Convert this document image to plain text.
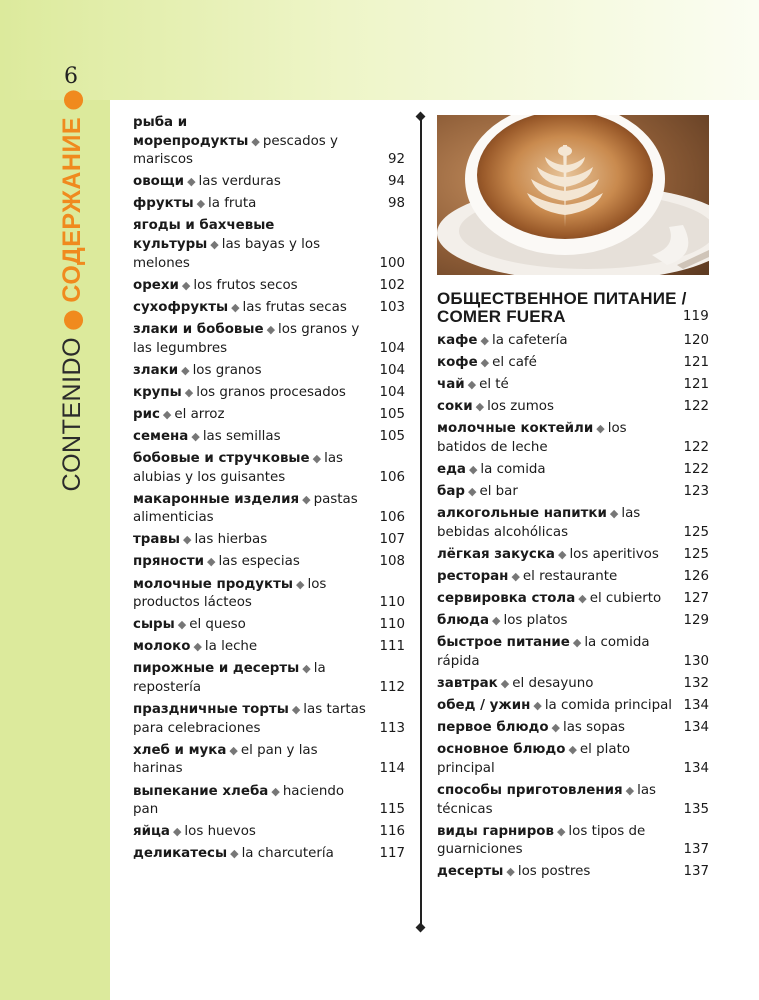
6
CONTENIDO●СОДЕРЖАНИЕ●
рыба и морепродукты ◆ pescados y mariscos	92
овощи ◆ las verduras	94
фрукты ◆ la fruta	98
ягоды и бахчевые культуры ◆ las bayas y los melones	100
орехи ◆ los frutos secos	102
сухофрукты ◆ las frutas secas 103
злаки и бобовые ◆ los granos y las legumbres	104
злаки ◆ los granos	104
крупы ◆ los granos procesados	104
рис ◆ el arroz	105
семена ◆ las semillas	105
бобовые и стручковые ◆ las alubias y los guisantes	106
макаронные изделия ◆ pastas alimenticias	106
травы ◆ las hierbas	107
пряности ◆ las especias	108
молочные продукты ◆ los productos lácteos	110
сыры ◆ el queso	110
молоко ◆ la leche	111
пирожные и десерты ◆ la repostería	112
праздничные торты ◆ las tartas para celebraciones	113
хлеб и мука ◆ el pan y las harinas	114
выпекание хлеба ◆ haciendo pan	115
яйца ◆ los huevos	116
деликатесы ◆ la charcutería	117
ОБЩЕСТВЕННОЕ ПИТАНИЕ /
COMER FUERA	119
кафе ◆ la cafetería	120
кофе ◆ el café	121
чай ◆ el té	121
соки ◆ los zumos	122
молочные коктейли ◆ los batidos de leche	122
еда ◆ la comida	122
бар ◆ el bar	123
алкогольные напитки ◆ las bebidas alcohólicas	125
лёгкая закуска ◆ los aperitivos 125
ресторан ◆ el restaurante	126
сервировка стола ◆ el cubierto 127
блюда ◆ los platos	129
быстрое питание ◆ la comida rápida	130
завтрак ◆ el desayuno	132
обед / ужин ◆ la comida principal 134
первое блюдо ◆ las sopas	134
основное блюдо ◆ el plato principal	134
способы приготовления ◆ las técnicas	135
виды гарниров ◆ los tipos de guarniciones	137
десерты ◆ los postres	137
